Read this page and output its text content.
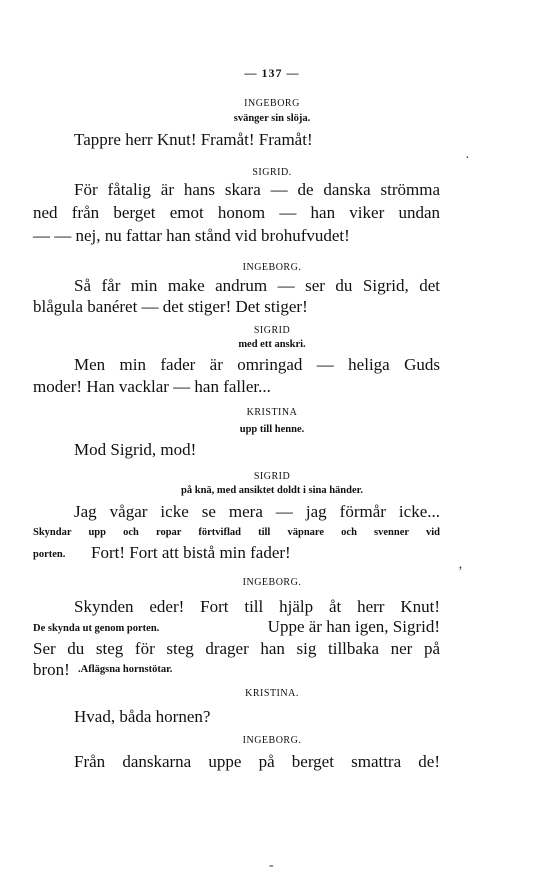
— 137 —
INGEBORG
svänger sin slöja.
Tappre herr Knut! Framåt! Framåt!
SIGRID.
För fåtalig är hans skara — de danska strömma
ned från berget emot honom — han viker undan
— — nej, nu fattar han stånd vid brohufvudet!
INGEBORG.
Så får min make andrum — ser du Sigrid, det
blågula banéret — det stiger! Det stiger!
SIGRID
med ett anskri.
Men min fader är omringad — heliga Guds
moder! Han vacklar — han faller...
KRISTINA
upp till henne.
Mod Sigrid, mod!
SIGRID
på knä, med ansiktet doldt i sina händer.
Jag vågar icke se mera — jag förmår icke...
Skyndar upp och ropar förtviflad till väpnare och svenner vid
porten. Fort! Fort att bistå min fader!
INGEBORG.
Skynden eder! Fort till hjälp åt herr Knut!
De skynda ut genom porten.	Uppe är han igen, Sigrid!
Ser du steg för steg drager han sig tillbaka ner på
bron! .Aflägsna hornstötar.
KRISTINA.
Hvad, båda hornen?
INGEBORG.
Från danskarna uppe på berget smattra de!
·
‚
-
